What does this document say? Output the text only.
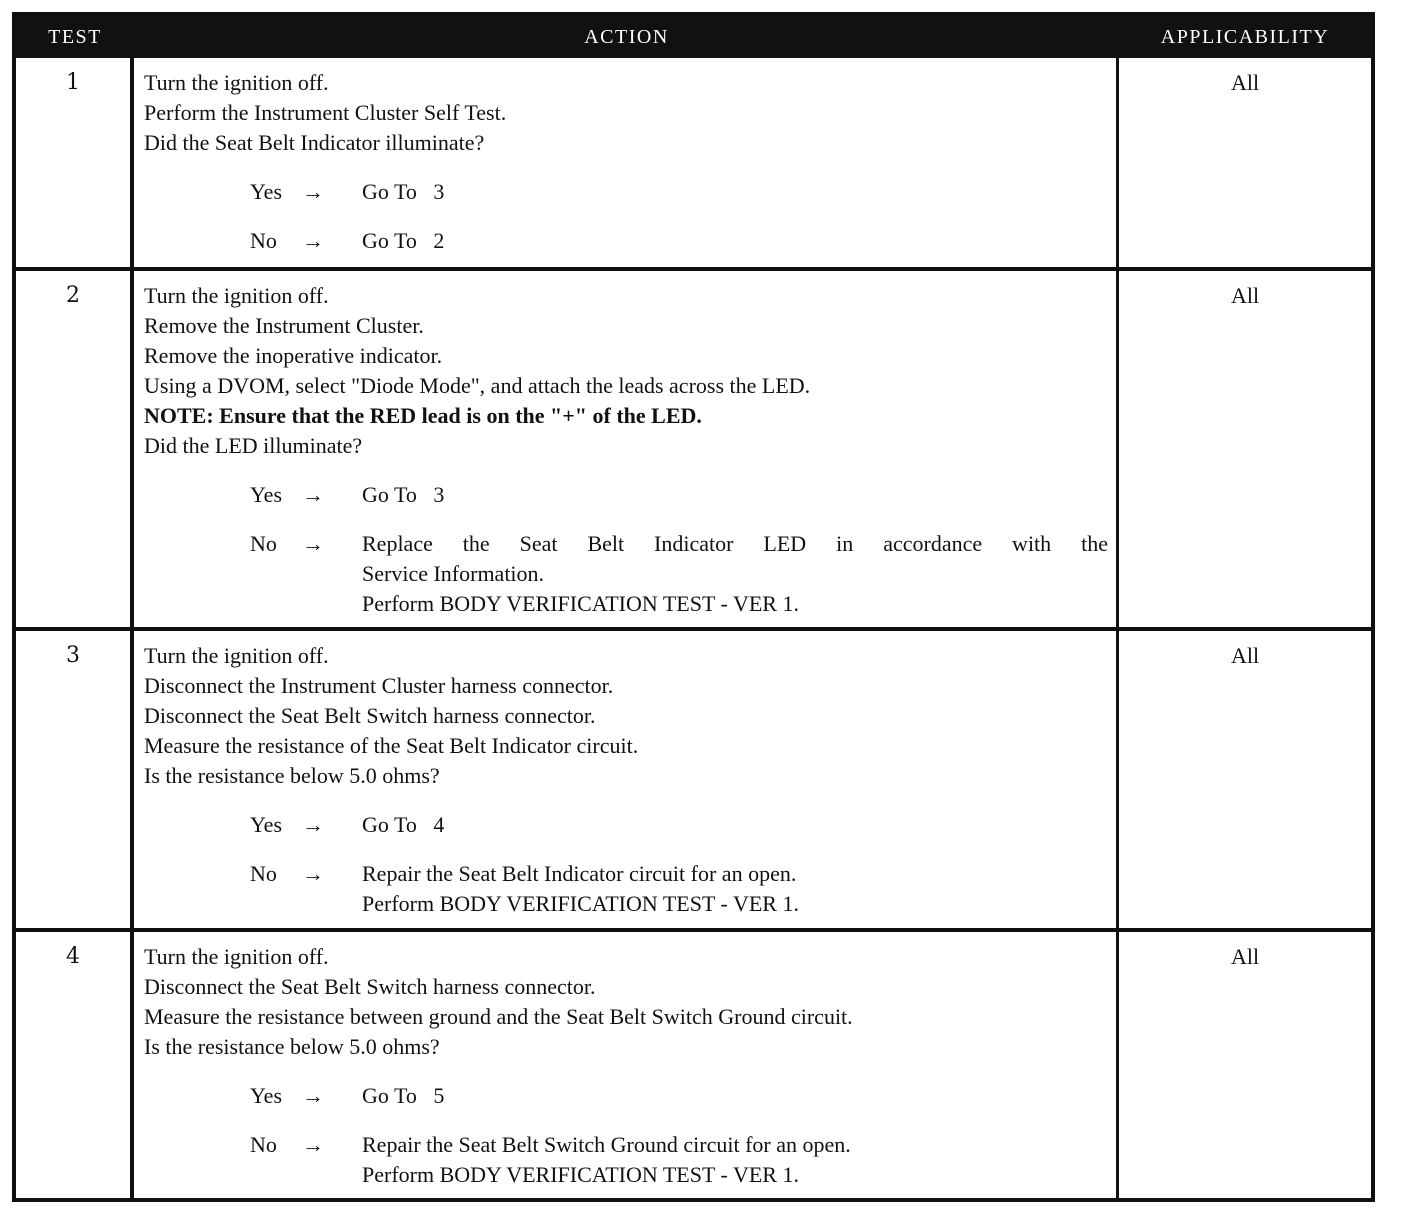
TEST	ACTION	APPLICABILITY
1	Turn the ignition off.
Perform the Instrument Cluster Self Test.
Did the Seat Belt Indicator illuminate?
Yes →	Go To   3
No	→	Go To   2
All
2	Turn the ignition off.
Remove the Instrument Cluster.
Remove the inoperative indicator.
Using a DVOM, select "Diode Mode", and attach the leads across the LED.
NOTE: Ensure that the RED lead is on the "+" of the LED.
Did the LED illuminate?
Yes →	Go To   3
No	→	Replace the Seat Belt Indicator LED in accordance with the
Service Information.
Perform BODY VERIFICATION TEST - VER 1.
All
3	Turn the ignition off.
Disconnect the Instrument Cluster harness connector.
Disconnect the Seat Belt Switch harness connector.
Measure the resistance of the Seat Belt Indicator circuit.
Is the resistance below 5.0 ohms?
Yes →	Go To   4
No	→	Repair the Seat Belt Indicator circuit for an open.
Perform BODY VERIFICATION TEST - VER 1.
All
4	Turn the ignition off.
Disconnect the Seat Belt Switch harness connector.
Measure the resistance between ground and the Seat Belt Switch Ground circuit.
Is the resistance below 5.0 ohms?
Yes →	Go To   5
No	→	Repair the Seat Belt Switch Ground circuit for an open.
Perform BODY VERIFICATION TEST - VER 1.
All
